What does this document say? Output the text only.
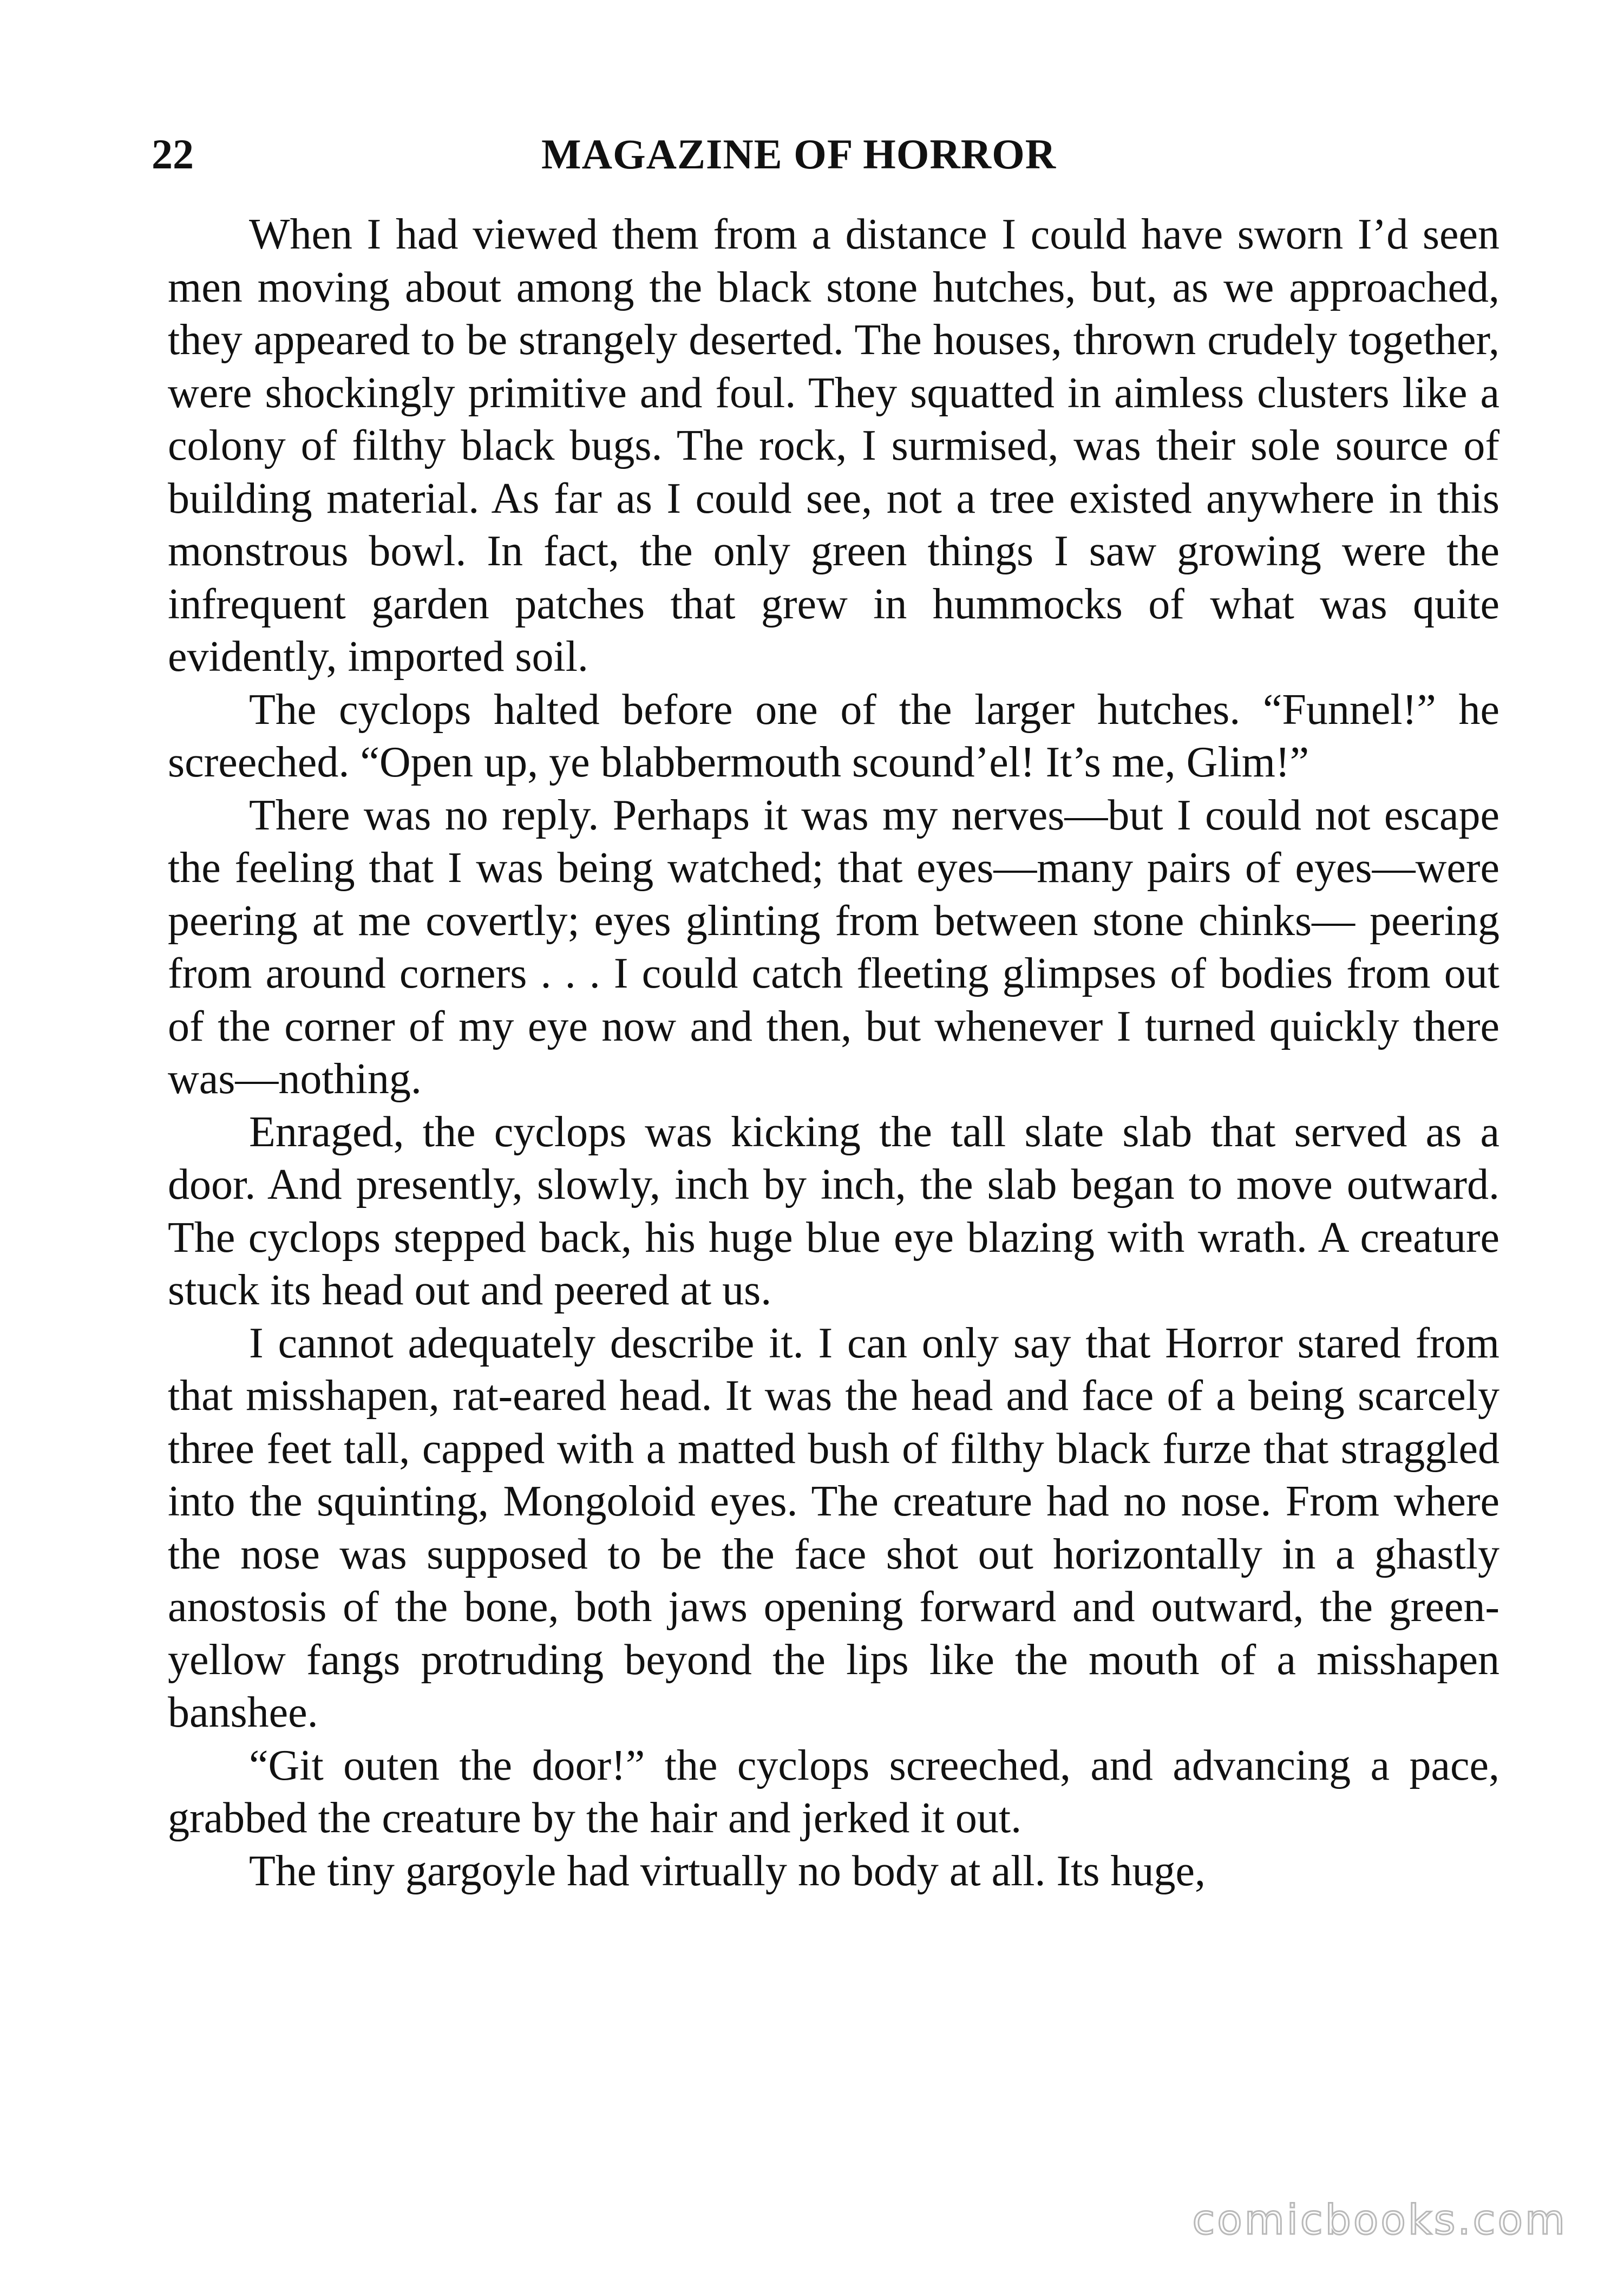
22	MAGAZINE OF HORROR

When I had viewed them from a distance I could have sworn I’d seen men moving about among the black stone hutches, but, as we approached, they appeared to be strangely deserted. The houses, thrown crudely together, were shockingly primitive and foul. They squatted in aimless clusters like a colony of filthy black bugs. The rock, I surmised, was their sole source of building material. As far as I could see, not a tree existed anywhere in this monstrous bowl. In fact, the only green things I saw growing were the infrequent garden patches that grew in hummocks of what was quite evidently, imported soil.

The cyclops halted before one of the larger hutches. “Funnel!” he screeched. “Open up, ye blabbermouth scound’el! It’s me, Glim!”

There was no reply. Perhaps it was my nerves—but I could not escape the feeling that I was being watched; that eyes—many pairs of eyes—were peering at me covertly; eyes glinting from between stone chinks— peering from around corners . . . I could catch fleeting glimpses of bodies from out of the corner of my eye now and then, but whenever I turned quickly there was—nothing.

Enraged, the cyclops was kicking the tall slate slab that served as a door. And presently, slowly, inch by inch, the slab began to move outward. The cyclops stepped back, his huge blue eye blazing with wrath. A creature stuck its head out and peered at us.

I cannot adequately describe it. I can only say that Horror stared from that misshapen, rat-eared head. It was the head and face of a being scarcely three feet tall, capped with a matted bush of filthy black furze that straggled into the squinting, Mongoloid eyes. The creature had no nose. From where the nose was supposed to be the face shot out horizontally in a ghastly anostosis of the bone, both jaws opening forward and outward, the green-yellow fangs protruding beyond the lips like the mouth of a misshapen banshee.

“Git outen the door!” the cyclops screeched, and advancing a pace, grabbed the creature by the hair and jerked it out.

The tiny gargoyle had virtually no body at all. Its huge,

comicbooks.com
